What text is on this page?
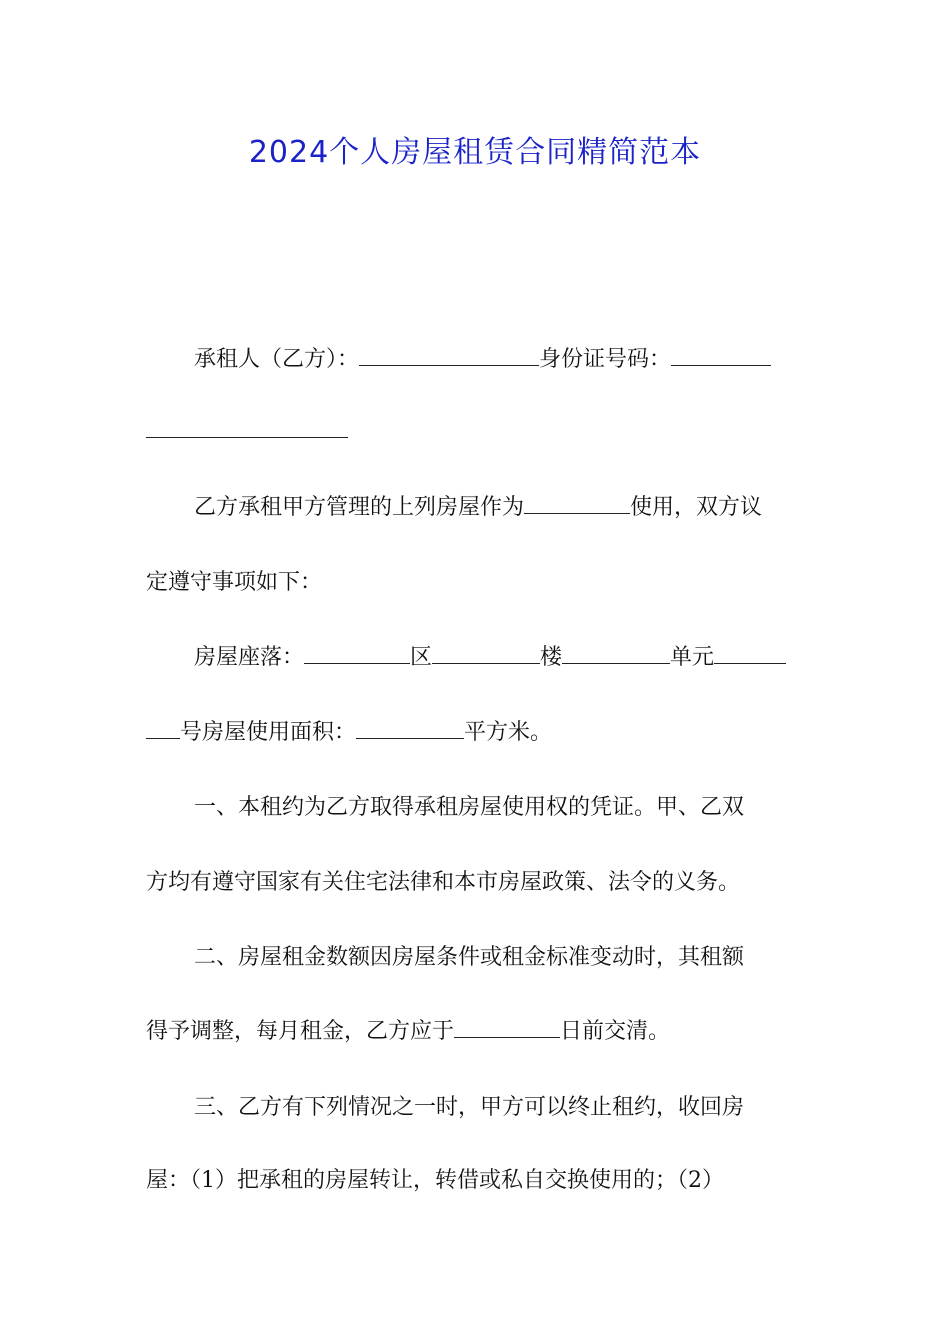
2024个人房屋租赁合同精简范本
承租人（乙方）：	身份证号码：
乙方承租甲方管理的上列房屋作为	使用，双方议
定遵守事项如下：
房屋座落：	区	楼	单元
号房屋使用面积：	平方米。
一、本租约为乙方取得承租房屋使用权的凭证。甲、乙双
方均有遵守国家有关住宅法律和本市房屋政策、法令的义务。
二、房屋租金数额因房屋条件或租金标准变动时，其租额
得予调整，每月租金，乙方应于	日前交清。
三、乙方有下列情况之一时，甲方可以终止租约，收回房
屋：（1）把承租的房屋转让，转借或私自交换使用的；（2）
